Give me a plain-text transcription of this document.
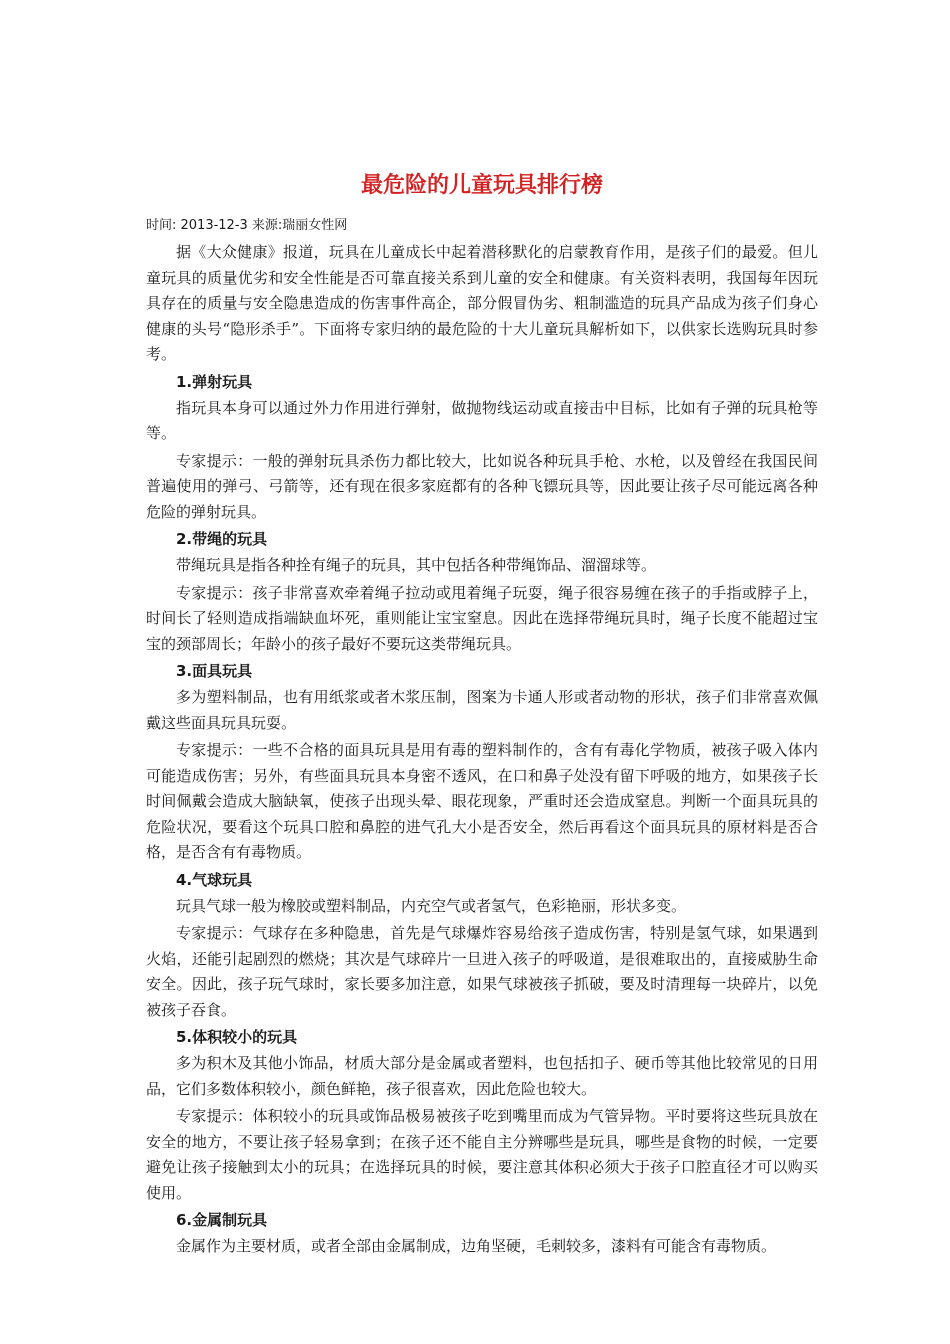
最危险的儿童玩具排行榜
时间: 2013-12-3 来源:瑞丽女性网

据《大众健康》报道，玩具在儿童成长中起着潜移默化的启蒙教育作用，是孩子们的最爱。但儿童玩具的质量优劣和安全性能是否可靠直接关系到儿童的安全和健康。有关资料表明，我国每年因玩具存在的质量与安全隐患造成的伤害事件高企，部分假冒伪劣、粗制滥造的玩具产品成为孩子们身心健康的头号“隐形杀手”。下面将专家归纳的最危险的十大儿童玩具解析如下，以供家长选购玩具时参考。

1.弹射玩具

指玩具本身可以通过外力作用进行弹射，做抛物线运动或直接击中目标，比如有子弹的玩具枪等等。

专家提示：一般的弹射玩具杀伤力都比较大，比如说各种玩具手枪、水枪，以及曾经在我国民间普遍使用的弹弓、弓箭等，还有现在很多家庭都有的各种飞镖玩具等，因此要让孩子尽可能远离各种危险的弹射玩具。

2.带绳的玩具

带绳玩具是指各种拴有绳子的玩具，其中包括各种带绳饰品、溜溜球等。

专家提示：孩子非常喜欢牵着绳子拉动或甩着绳子玩耍，绳子很容易缠在孩子的手指或脖子上，时间长了轻则造成指端缺血坏死，重则能让宝宝窒息。因此在选择带绳玩具时，绳子长度不能超过宝宝的颈部周长；年龄小的孩子最好不要玩这类带绳玩具。

3.面具玩具

多为塑料制品，也有用纸浆或者木浆压制，图案为卡通人形或者动物的形状，孩子们非常喜欢佩戴这些面具玩具玩耍。

专家提示：一些不合格的面具玩具是用有毒的塑料制作的，含有有毒化学物质，被孩子吸入体内可能造成伤害；另外，有些面具玩具本身密不透风，在口和鼻子处没有留下呼吸的地方，如果孩子长时间佩戴会造成大脑缺氧，使孩子出现头晕、眼花现象，严重时还会造成窒息。判断一个面具玩具的危险状况，要看这个玩具口腔和鼻腔的进气孔大小是否安全，然后再看这个面具玩具的原材料是否合格，是否含有有毒物质。

4.气球玩具

玩具气球一般为橡胶或塑料制品，内充空气或者氢气，色彩艳丽，形状多变。

专家提示：气球存在多种隐患，首先是气球爆炸容易给孩子造成伤害，特别是氢气球，如果遇到火焰，还能引起剧烈的燃烧；其次是气球碎片一旦进入孩子的呼吸道，是很难取出的，直接威胁生命安全。因此，孩子玩气球时，家长要多加注意，如果气球被孩子抓破，要及时清理每一块碎片，以免被孩子吞食。

5.体积较小的玩具

多为积木及其他小饰品，材质大部分是金属或者塑料，也包括扣子、硬币等其他比较常见的日用品，它们多数体积较小，颜色鲜艳，孩子很喜欢，因此危险也较大。

专家提示：体积较小的玩具或饰品极易被孩子吃到嘴里而成为气管异物。平时要将这些玩具放在安全的地方，不要让孩子轻易拿到；在孩子还不能自主分辨哪些是玩具，哪些是食物的时候，一定要避免让孩子接触到太小的玩具；在选择玩具的时候，要注意其体积必须大于孩子口腔直径才可以购买使用。

6.金属制玩具

金属作为主要材质，或者全部由金属制成，边角坚硬，毛刺较多，漆料有可能含有毒物质。
